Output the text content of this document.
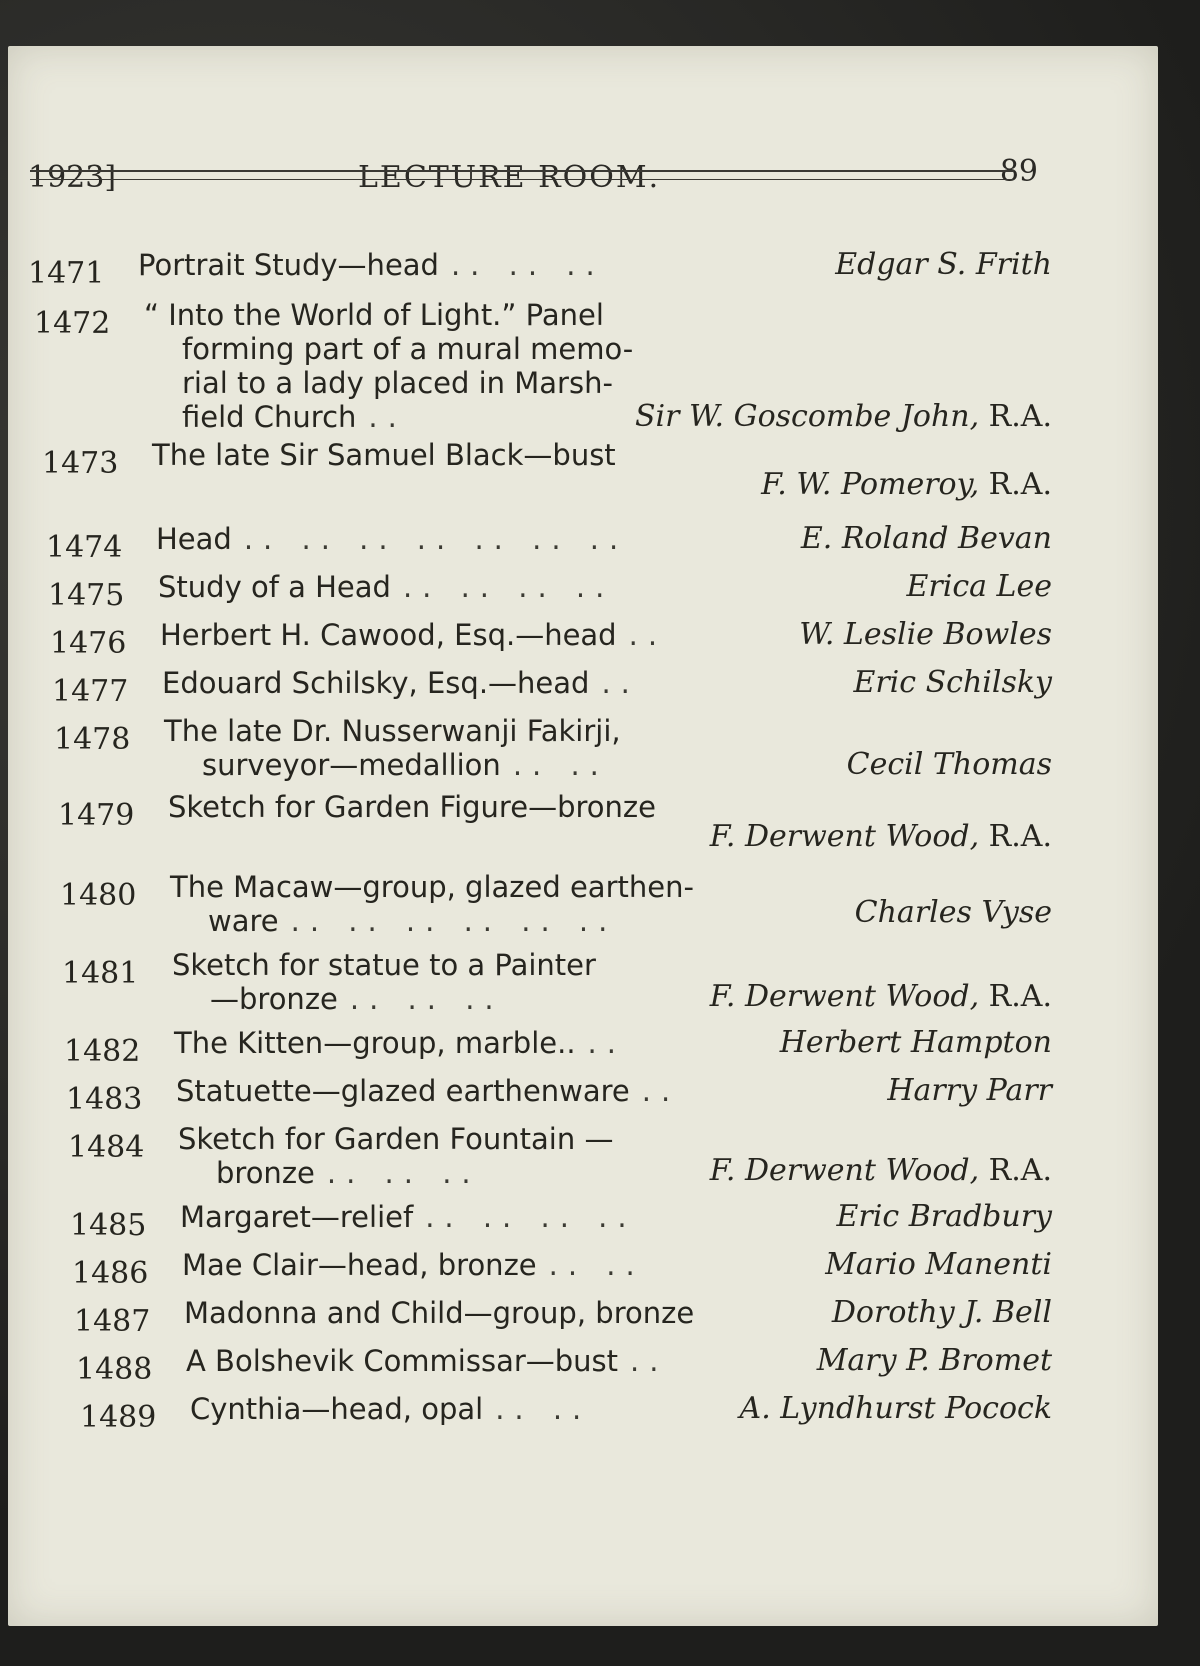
1923]	LECTURE ROOM.	89
1471	Portrait Study—head .. .. ..	Edgar S. Frith
1472	“ Into the World of Light.” Panel
forming part of a mural memo-
rial to a lady placed in Marsh-
field Church ..	Sir W. Goscombe John, R.A.
1473	The late Sir Samuel Black—bust
F. W. Pomeroy, R.A.
1474	Head .. .. .. .. .. .. ..	E. Roland Bevan
1475	Study of a Head .. .. .. ..	Erica Lee
1476	Herbert H. Cawood, Esq.—head ..	W. Leslie Bowles
1477	Edouard Schilsky, Esq.—head ..	Eric Schilsky
1478	The late Dr. Nusserwanji Fakirji,
surveyor—medallion .. ..	Cecil Thomas
1479	Sketch for Garden Figure—bronze
F. Derwent Wood, R.A.
1480	The Macaw—group, glazed earthen-
ware .. .. .. .. .. ..	Charles Vyse
1481	Sketch for statue to a Painter
—bronze .. .. ..	F. Derwent Wood, R.A.
1482	The Kitten—group, marble.. ..	Herbert Hampton
1483	Statuette—glazed earthenware ..	Harry Parr
1484	Sketch for Garden Fountain —
bronze .. .. ..	F. Derwent Wood, R.A.
1485	Margaret—relief .. .. .. ..	Eric Bradbury
1486	Mae Clair—head, bronze .. ..	Mario Manenti
1487	Madonna and Child—group, bronze	Dorothy J. Bell
1488	A Bolshevik Commissar—bust ..	Mary P. Bromet
1489	Cynthia—head, opal .. ..	A. Lyndhurst Pocock
